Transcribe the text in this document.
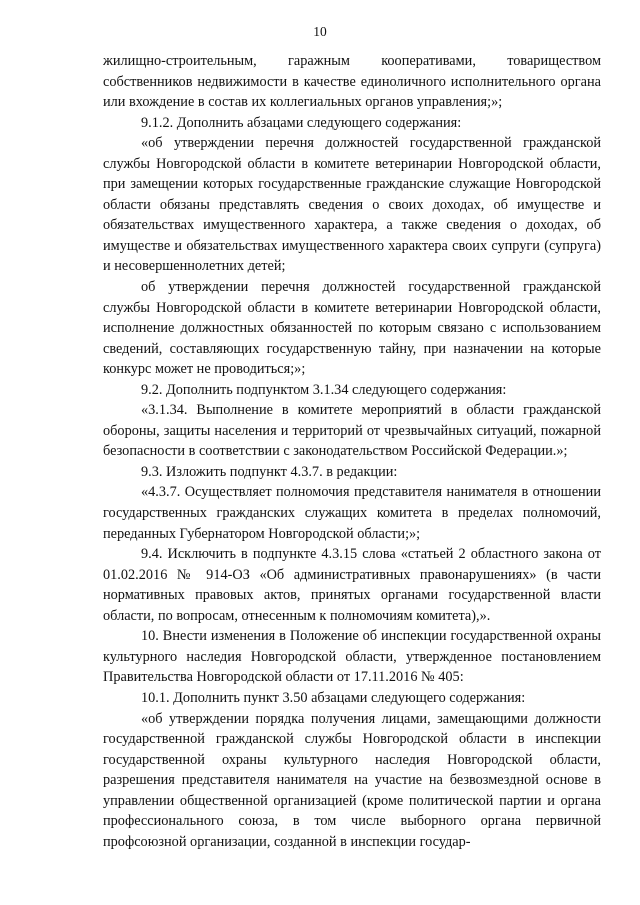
10

жилищно-строительным, гаражным кооперативами, товариществом собственников недвижимости в качестве единоличного исполнительного органа или вхождение в состав их коллегиальных органов управления;»;

9.1.2. Дополнить абзацами следующего содержания:

«об утверждении перечня должностей государственной гражданской службы Новгородской области в комитете ветеринарии Новгородской области, при замещении которых государственные гражданские служащие Новгородской области обязаны представлять сведения о своих доходах, об имуществе и обязательствах имущественного характера, а также сведения о доходах, об имуществе и обязательствах имущественного характера своих супруги (супруга) и несовершеннолетних детей;

об утверждении перечня должностей государственной гражданской службы Новгородской области в комитете ветеринарии Новгородской области, исполнение должностных обязанностей по которым связано с использованием сведений, составляющих государственную тайну, при назначении на которые конкурс может не проводиться;»;

9.2. Дополнить подпунктом 3.1.34 следующего содержания:

«3.1.34. Выполнение в комитете мероприятий в области гражданской обороны, защиты населения и территорий от чрезвычайных ситуаций, пожарной безопасности в соответствии с законодательством Российской Федерации.»;

9.3. Изложить подпункт 4.3.7. в редакции:

«4.3.7. Осуществляет полномочия представителя нанимателя в отношении государственных гражданских служащих комитета в пределах полномочий, переданных Губернатором Новгородской области;»;

9.4. Исключить в подпункте 4.3.15 слова «статьей 2 областного закона от 01.02.2016 № 914-ОЗ «Об административных правонарушениях» (в части нормативных правовых актов, принятых органами государственной власти области, по вопросам, отнесенным к полномочиям комитета),».

10. Внести изменения в Положение об инспекции государственной охраны культурного наследия Новгородской области, утвержденное постановлением Правительства Новгородской области от 17.11.2016 № 405:

10.1. Дополнить пункт 3.50 абзацами следующего содержания:

«об утверждении порядка получения лицами, замещающими должности государственной гражданской службы Новгородской области в инспекции государственной охраны культурного наследия Новгородской области, разрешения представителя нанимателя на участие на безвозмездной основе в управлении общественной организацией (кроме политической партии и органа профессионального союза, в том числе выборного органа первичной профсоюзной организации, созданной в инспекции государ-
